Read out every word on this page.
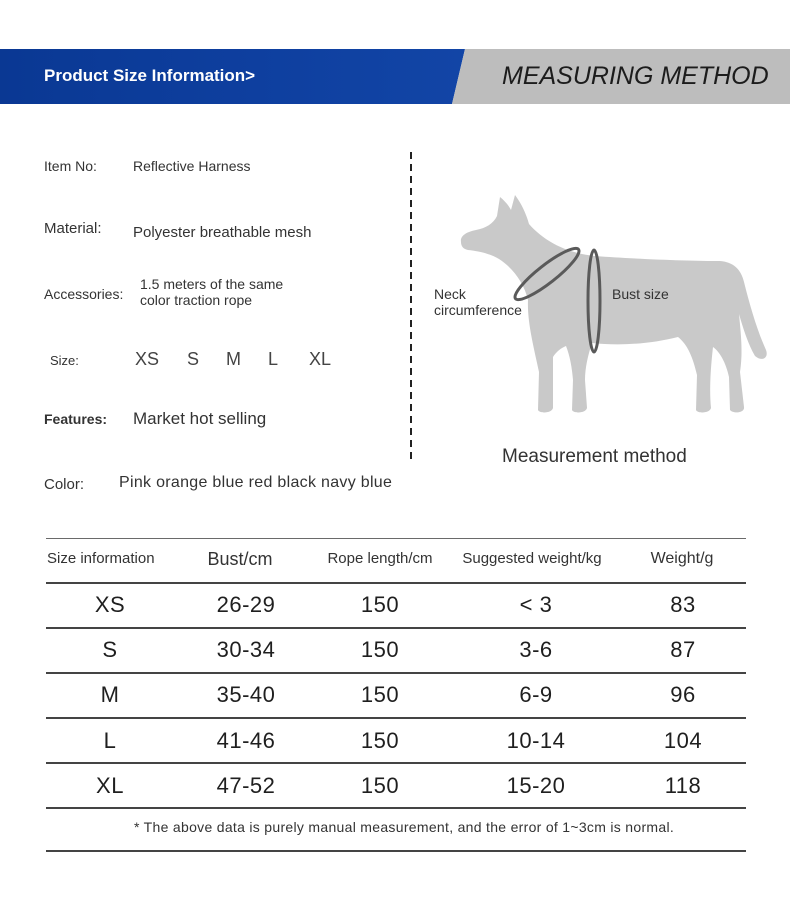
Product Size Information>	MEASURING METHOD
Item No:	Reflective Harness
Material: Polyester breathable mesh
Accessories:
1.5 meters of the same
color traction rope
Size:	XS S M L XL
Features: Market hot selling
Color: Pink orange blue red black navy blue
Neck
circumference
Bust size
Measurement method
Size information	Bust/cm	Rope length/cm	Suggested weight/kg	Weight/g
XS	26-29	150	< 3	83
S	30-34	150	3-6	87
M	35-40	150	6-9	96
L	41-46	150	10-14	104
XL	47-52	150	15-20	118
* The above data is purely manual measurement, and the error of 1~3cm is normal.
